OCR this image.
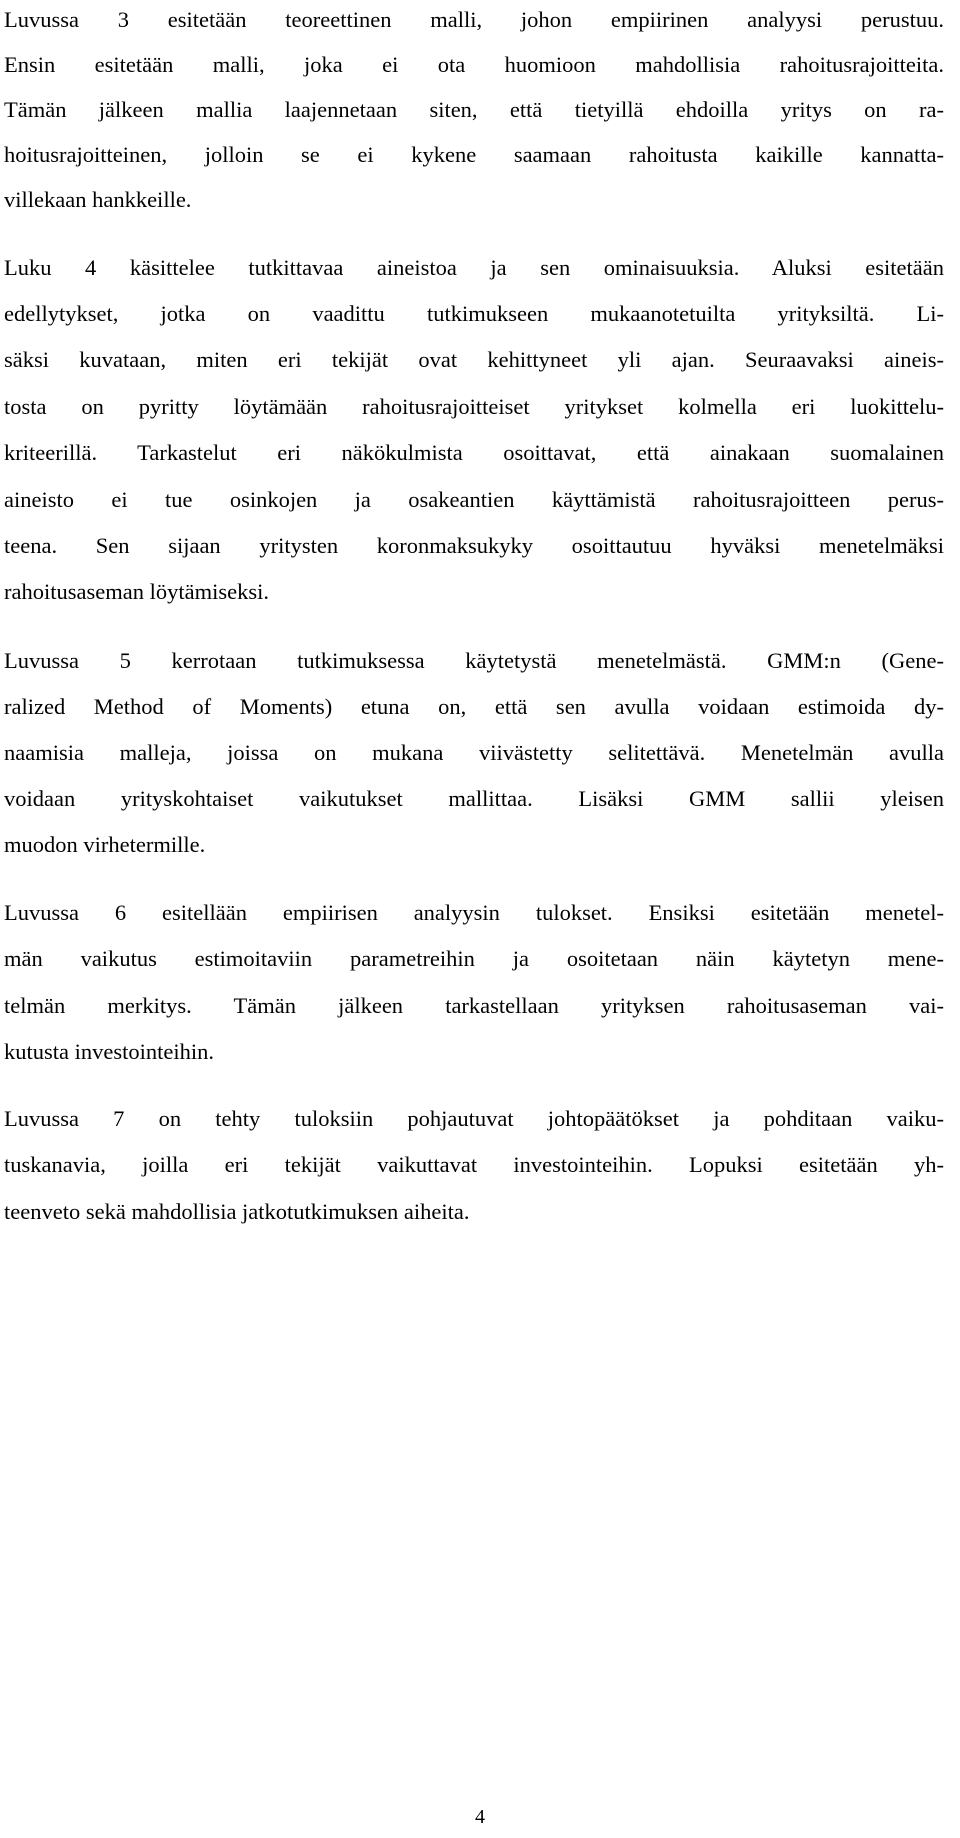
Luvussa 3 esitetään teoreettinen malli, johon empiirinen analyysi perustuu.
Ensin esitetään malli, joka ei ota huomioon mahdollisia rahoitusrajoitteita.
Tämän jälkeen mallia laajennetaan siten, että tietyillä ehdoilla yritys on ra-
hoitusrajoitteinen, jolloin se ei kykene saamaan rahoitusta kaikille kannatta-
villekaan hankkeille.
Luku 4 käsittelee tutkittavaa aineistoa ja sen ominaisuuksia. Aluksi esitetään
edellytykset, jotka on vaadittu tutkimukseen mukaanotetuilta yrityksiltä. Li-
säksi kuvataan, miten eri tekijät ovat kehittyneet yli ajan. Seuraavaksi aineis-
tosta on pyritty löytämään rahoitusrajoitteiset yritykset kolmella eri luokittelu-
kriteerillä. Tarkastelut eri näkökulmista osoittavat, että ainakaan suomalainen
aineisto ei tue osinkojen ja osakeantien käyttämistä rahoitusrajoitteen perus-
teena. Sen sijaan yritysten koronmaksukyky osoittautuu hyväksi menetelmäksi
rahoitusaseman löytämiseksi.
Luvussa 5 kerrotaan tutkimuksessa käytetystä menetelmästä. GMM:n (Gene-
ralized Method of Moments) etuna on, että sen avulla voidaan estimoida dy-
naamisia malleja, joissa on mukana viivästetty selitettävä. Menetelmän avulla
voidaan yrityskohtaiset vaikutukset mallittaa. Lisäksi GMM sallii yleisen
muodon virhetermille.
Luvussa 6 esitellään empiirisen analyysin tulokset. Ensiksi esitetään menetel-
män vaikutus estimoitaviin parametreihin ja osoitetaan näin käytetyn mene-
telmän merkitys. Tämän jälkeen tarkastellaan yrityksen rahoitusaseman vai-
kutusta investointeihin.
Luvussa 7 on tehty tuloksiin pohjautuvat johtopäätökset ja pohditaan vaiku-
tuskanavia, joilla eri tekijät vaikuttavat investointeihin. Lopuksi esitetään yh-
teenveto sekä mahdollisia jatkotutkimuksen aiheita.
4
